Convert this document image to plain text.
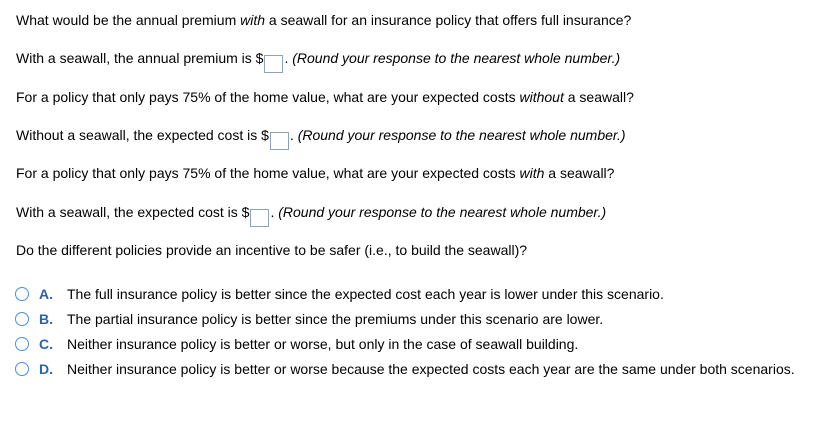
What would be the annual premium with a seawall for an insurance policy that offers full insurance?
With a seawall, the annual premium is $ . (Round your response to the nearest whole number.)
For a policy that only pays 75% of the home value, what are your expected costs without a seawall?
Without a seawall, the expected cost is $ . (Round your response to the nearest whole number.)
For a policy that only pays 75% of the home value, what are your expected costs with a seawall?
With a seawall, the expected cost is $ . (Round your response to the nearest whole number.)
Do the different policies provide an incentive to be safer (i.e., to build the seawall)?
A.	The full insurance policy is better since the expected cost each year is lower under this scenario.
B.	The partial insurance policy is better since the premiums under this scenario are lower.
C.	Neither insurance policy is better or worse, but only in the case of seawall building.
D.	Neither insurance policy is better or worse because the expected costs each year are the same under both scenarios.
